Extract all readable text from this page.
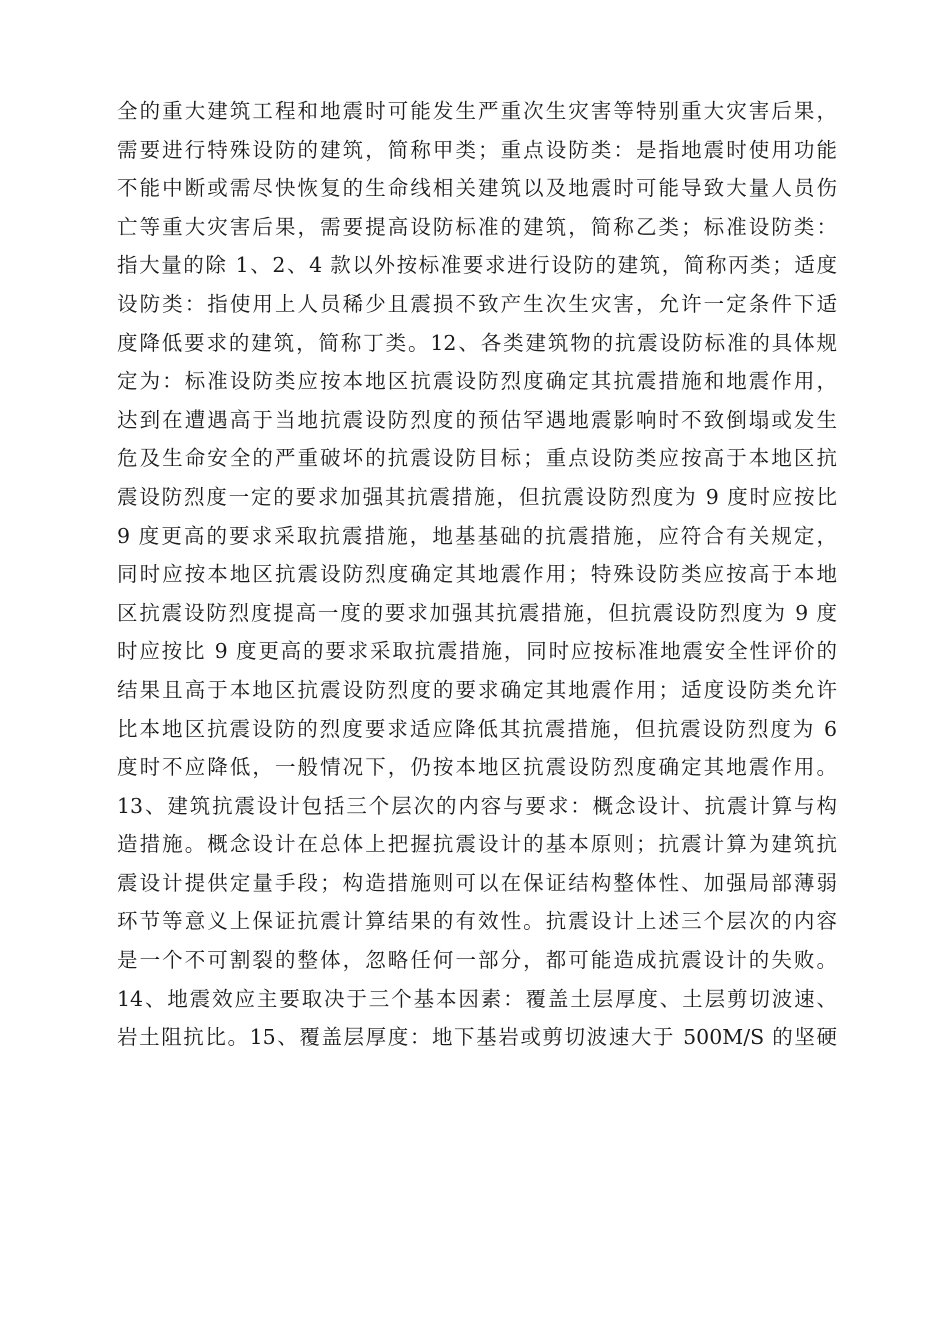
全的重大建筑工程和地震时可能发生严重次生灾害等特别重大灾害后果，
需要进行特殊设防的建筑，简称甲类；重点设防类：是指地震时使用功能
不能中断或需尽快恢复的生命线相关建筑以及地震时可能导致大量人员伤
亡等重大灾害后果，需要提高设防标准的建筑，简称乙类；标准设防类：
指大量的除 1、2、4 款以外按标准要求进行设防的建筑，简称丙类；适度
设防类：指使用上人员稀少且震损不致产生次生灾害，允许一定条件下适
度降低要求的建筑，简称丁类。12、各类建筑物的抗震设防标准的具体规
定为：标准设防类应按本地区抗震设防烈度确定其抗震措施和地震作用，
达到在遭遇高于当地抗震设防烈度的预估罕遇地震影响时不致倒塌或发生
危及生命安全的严重破坏的抗震设防目标；重点设防类应按高于本地区抗
震设防烈度一定的要求加强其抗震措施，但抗震设防烈度为 9 度时应按比
9 度更高的要求采取抗震措施，地基基础的抗震措施，应符合有关规定，
同时应按本地区抗震设防烈度确定其地震作用；特殊设防类应按高于本地
区抗震设防烈度提高一度的要求加强其抗震措施，但抗震设防烈度为 9 度
时应按比 9 度更高的要求采取抗震措施，同时应按标准地震安全性评价的
结果且高于本地区抗震设防烈度的要求确定其地震作用；适度设防类允许
比本地区抗震设防的烈度要求适应降低其抗震措施，但抗震设防烈度为 6
度时不应降低，一般情况下，仍按本地区抗震设防烈度确定其地震作用。
13、建筑抗震设计包括三个层次的内容与要求：概念设计、抗震计算与构
造措施。概念设计在总体上把握抗震设计的基本原则；抗震计算为建筑抗
震设计提供定量手段；构造措施则可以在保证结构整体性、加强局部薄弱
环节等意义上保证抗震计算结果的有效性。抗震设计上述三个层次的内容
是一个不可割裂的整体，忽略任何一部分，都可能造成抗震设计的失败。
14、地震效应主要取决于三个基本因素：覆盖土层厚度、土层剪切波速、
岩土阻抗比。15、覆盖层厚度：地下基岩或剪切波速大于 500M/S 的坚硬
